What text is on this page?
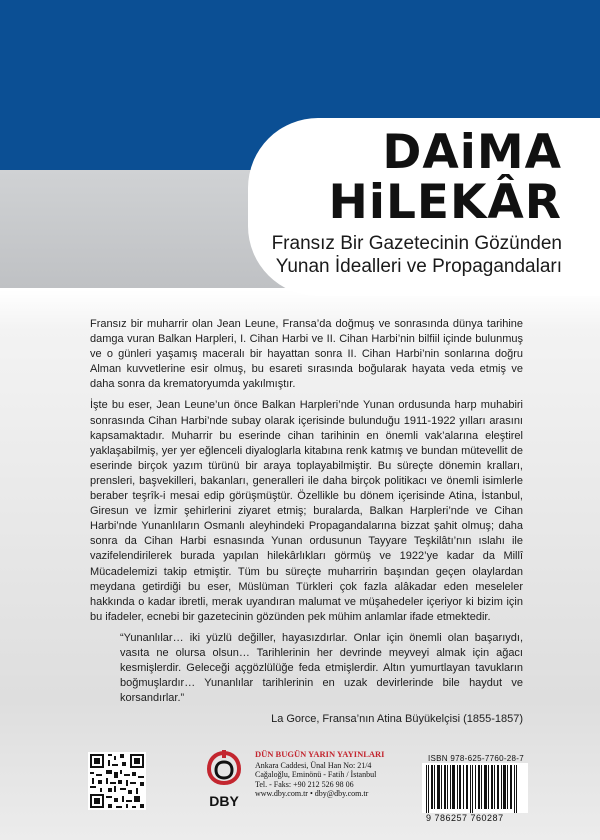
DAiMA
HiLEKÂR
Fransız Bir Gazetecinin Gözünden
Yunan İdealleri ve Propagandaları

Fransız bir muharrir olan Jean Leune, Fransa’da doğmuş ve sonrasında dünya tarihine damga vuran Balkan Harpleri, I. Cihan Harbi ve II. Cihan Harbi’nin bilfiil içinde bulunmuş ve o günleri yaşamış maceralı bir hayattan sonra II. Cihan Harbi’nin sonlarına doğru Alman kuvvetlerine esir olmuş, bu esareti sırasında boğularak hayata veda etmiş ve daha sonra da krematoryumda yakılmıştır.

İşte bu eser, Jean Leune’un önce Balkan Harpleri’nde Yunan ordusunda harp muhabiri sonrasında Cihan Harbi’nde subay olarak içerisinde bulunduğu 1911-1922 yılları arasını kapsamaktadır. Muharrir bu eserinde cihan tarihinin en önemli vak’alarına eleştirel yaklaşabilmiş, yer yer eğlenceli diyaloglarla kitabına renk katmış ve bundan mütevellit de eserinde birçok yazım türünü bir araya toplayabilmiştir. Bu süreçte dönemin kralları, prensleri, başvekilleri, bakanları, generalleri ile daha birçok politikacı ve önemli isimlerle beraber teşrîk-i mesai edip görüşmüştür. Özellikle bu dönem içerisinde Atina, İstanbul, Giresun ve İzmir şehirlerini ziyaret etmiş; buralarda, Balkan Harpleri’nde ve Cihan Harbi’nde Yunanlıların Osmanlı aleyhindeki Propagandalarına bizzat şahit olmuş; daha sonra da Cihan Harbi esnasında Yunan ordusunun Tayyare Teşkilâtı’nın ıslahı ile vazifelendirilerek burada yapılan hilekârlıkları görmüş ve 1922’ye kadar da Millî Mücadelemizi takip etmiştir. Tüm bu süreçte muharririn başından geçen olaylardan meydana getirdiği bu eser, Müslüman Türkleri çok fazla alâkadar eden meseleler hakkında o kadar ibretli, merak uyandıran malumat ve müşahedeler içeriyor ki bizim için bu ifadeler, ecnebi bir gazetecinin gözünden pek mühim anlamlar ifade etmektedir.

“Yunanlılar… iki yüzlü değiller, hayasızdırlar. Onlar için önemli olan başarıydı, vasıta ne olursa olsun… Tarihlerinin her devrinde meyveyi almak için ağacı kesmişlerdir. Geleceği açgözlülüğe feda etmişlerdir. Altın yumurtlayan tavukların boğmuşlardır… Yunanlılar tarihlerinin en uzak devirlerinde bile haydut ve korsandırlar.”

La Gorce, Fransa’nın Atina Büyükelçisi (1855-1857)
DBY
DÜN BUGÜN YARIN YAYINLARI
Ankara Caddesi, Ünal Han No: 21/4
Cağaloğlu, Eminönü - Fatih / İstanbul
Tel. - Faks: +90 212 526 98 06
www.dby.com.tr • dby@dby.com.tr
ISBN 978-625-7760-28-7
9 786257 760287
